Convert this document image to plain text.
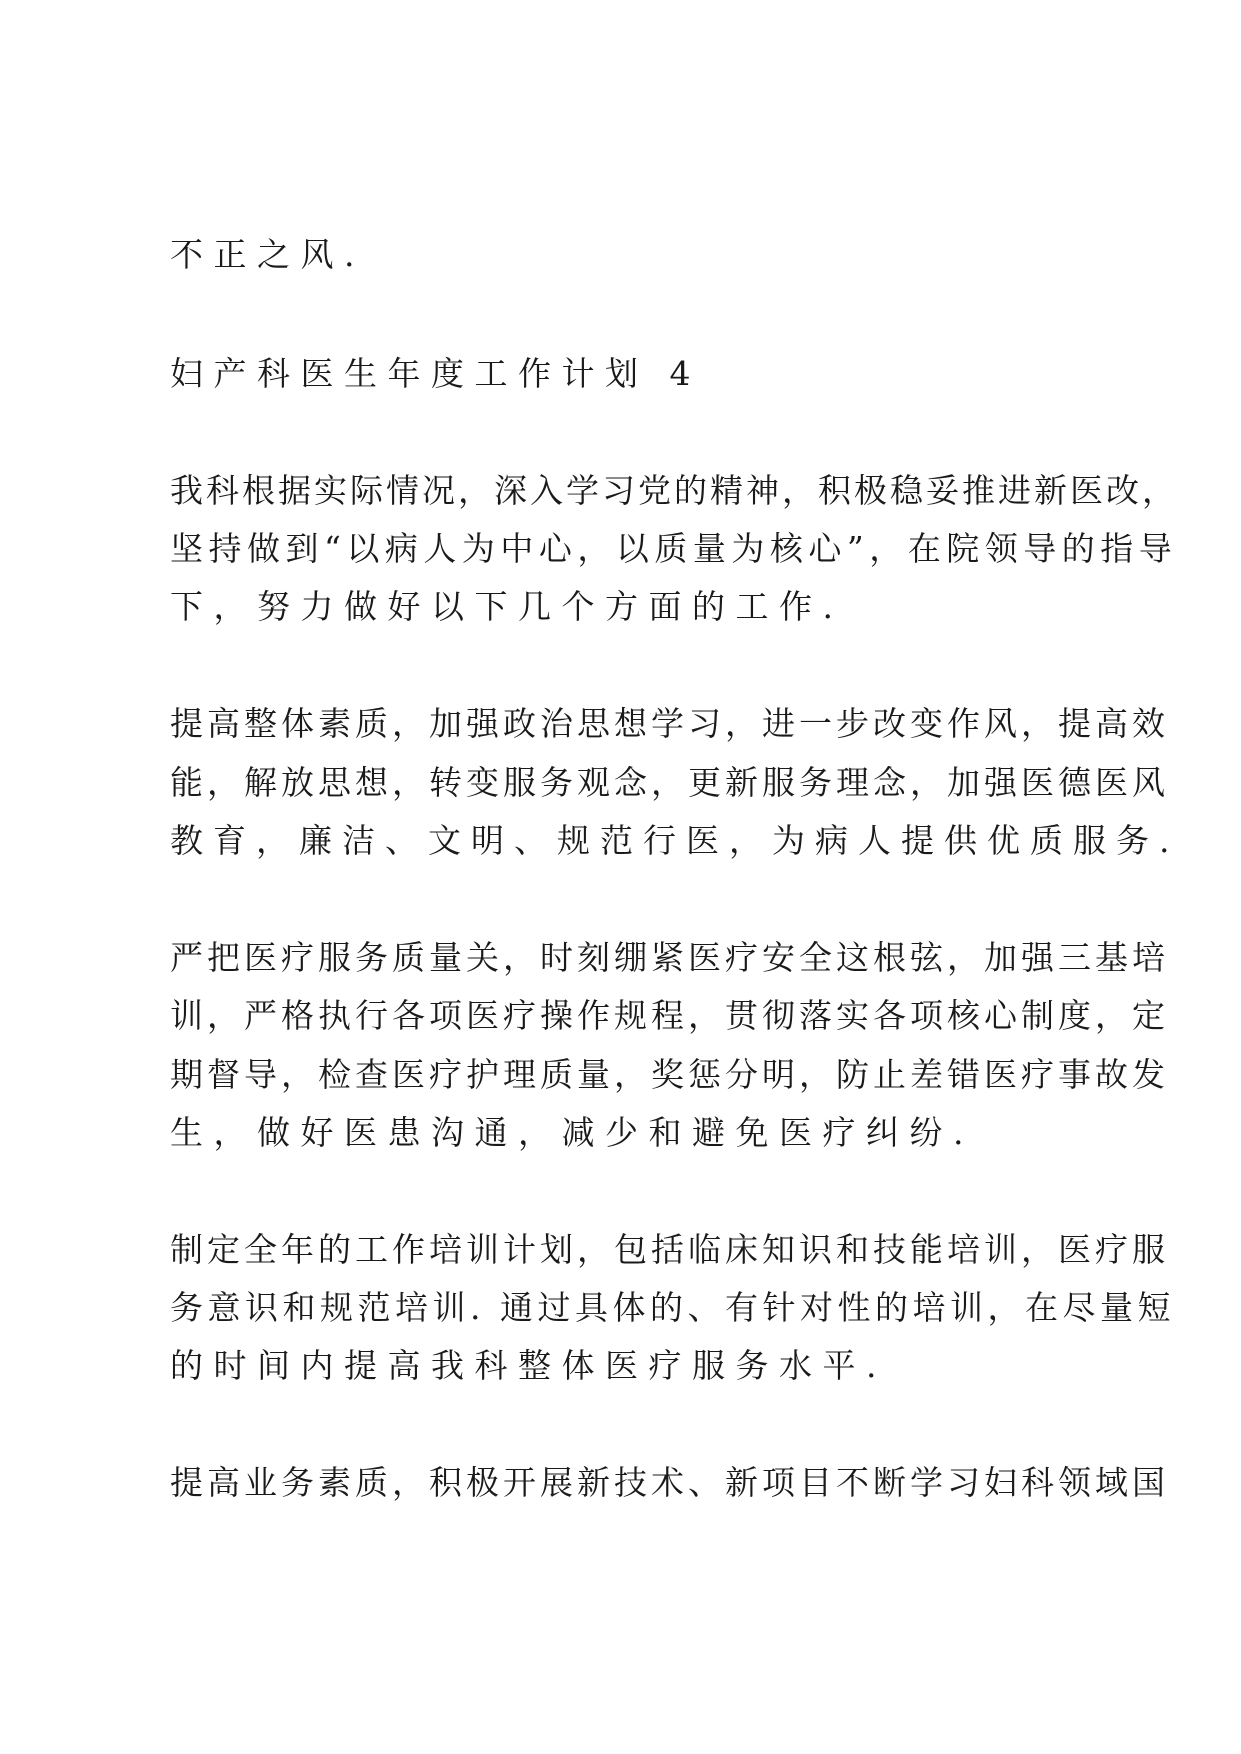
不正之风.

妇产科医生年度工作计划 4

我科根据实际情况，深入学习党的精神，积极稳妥推进新医改，

坚持做到“以病人为中心，以质量为核心”，在院领导的指导

下，努力做好以下几个方面的工作.

提高整体素质，加强政治思想学习，进一步改变作风，提高效

能，解放思想，转变服务观念，更新服务理念，加强医德医风

教育，廉洁、文明、规范行医，为病人提供优质服务.

严把医疗服务质量关，时刻绷紧医疗安全这根弦，加强三基培

训，严格执行各项医疗操作规程，贯彻落实各项核心制度，定

期督导，检查医疗护理质量，奖惩分明，防止差错医疗事故发

生，做好医患沟通，减少和避免医疗纠纷.

制定全年的工作培训计划，包括临床知识和技能培训，医疗服

务意识和规范培训. 通过具体的、有针对性的培训，在尽量短

的时间内提高我科整体医疗服务水平.

提高业务素质，积极开展新技术、新项目不断学习妇科领域国
